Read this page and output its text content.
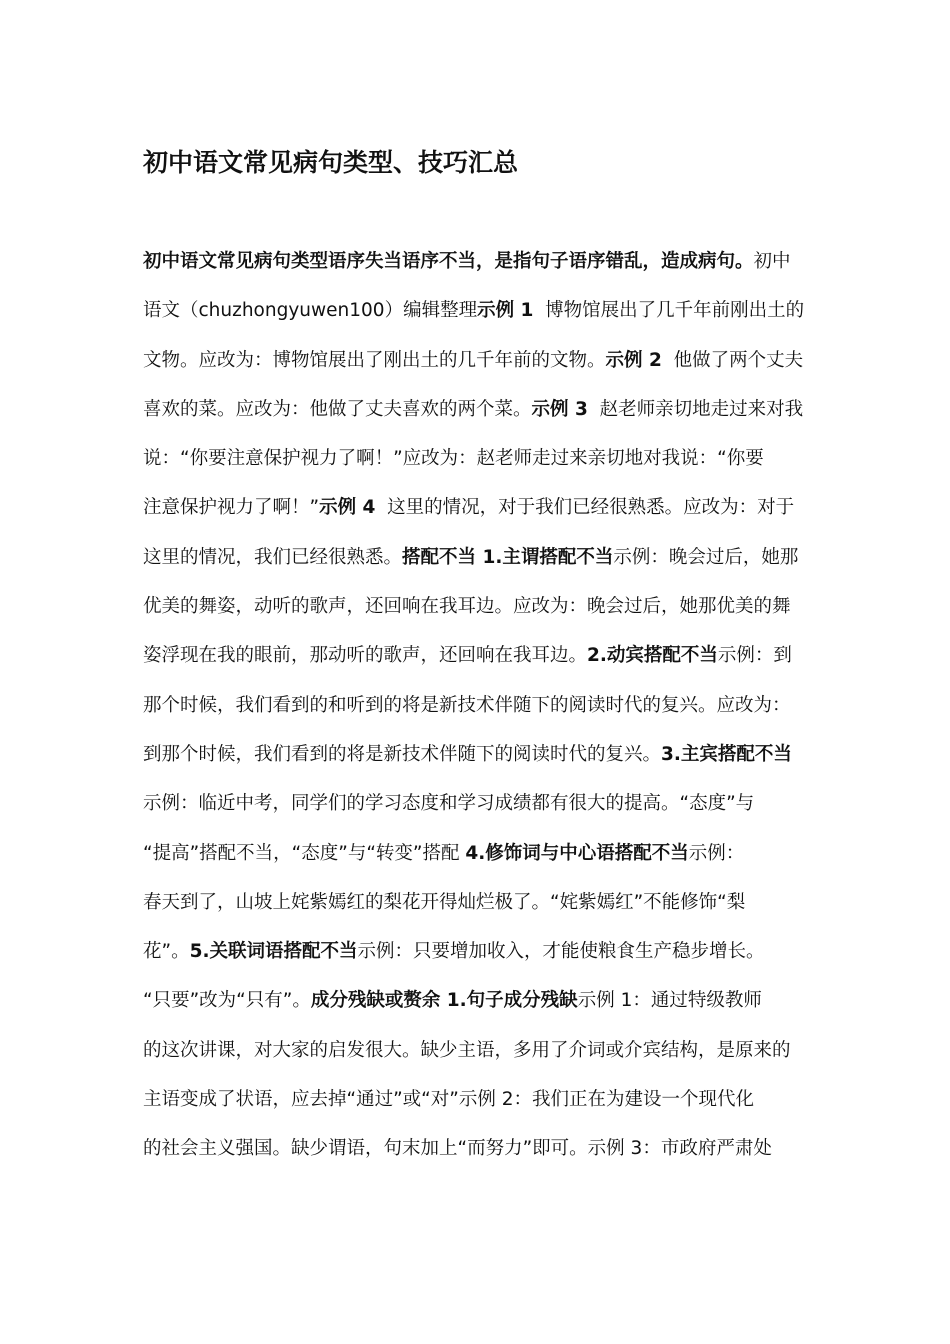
初中语文常见病句类型、技巧汇总
初中语文常见病句类型语序失当语序不当，是指句子语序错乱，造成病句。初中
语文（chuzhongyuwen100）编辑整理示例 1  博物馆展出了几千年前刚出土的
文物。应改为：博物馆展出了刚出土的几千年前的文物。示例 2  他做了两个丈夫
喜欢的菜。应改为：他做了丈夫喜欢的两个菜。示例 3  赵老师亲切地走过来对我
说：“你要注意保护视力了啊！”应改为：赵老师走过来亲切地对我说：“你要
注意保护视力了啊！”示例 4  这里的情况，对于我们已经很熟悉。应改为：对于
这里的情况，我们已经很熟悉。搭配不当 1.主谓搭配不当示例：晚会过后，她那
优美的舞姿，动听的歌声，还回响在我耳边。应改为：晚会过后，她那优美的舞
姿浮现在我的眼前，那动听的歌声，还回响在我耳边。2.动宾搭配不当示例：到
那个时候，我们看到的和听到的将是新技术伴随下的阅读时代的复兴。应改为：
到那个时候，我们看到的将是新技术伴随下的阅读时代的复兴。3.主宾搭配不当
示例：临近中考，同学们的学习态度和学习成绩都有很大的提高。“态度”与
“提高”搭配不当，“态度”与“转变”搭配 4.修饰词与中心语搭配不当示例：
春天到了，山坡上姹紫嫣红的梨花开得灿烂极了。“姹紫嫣红”不能修饰“梨
花”。5.关联词语搭配不当示例：只要增加收入，才能使粮食生产稳步增长。
“只要”改为“只有”。成分残缺或赘余 1.句子成分残缺示例 1：通过特级教师
的这次讲课，对大家的启发很大。缺少主语，多用了介词或介宾结构，是原来的
主语变成了状语，应去掉“通过”或“对”示例 2：我们正在为建设一个现代化
的社会主义强国。缺少谓语，句末加上“而努力”即可。示例 3：市政府严肃处
